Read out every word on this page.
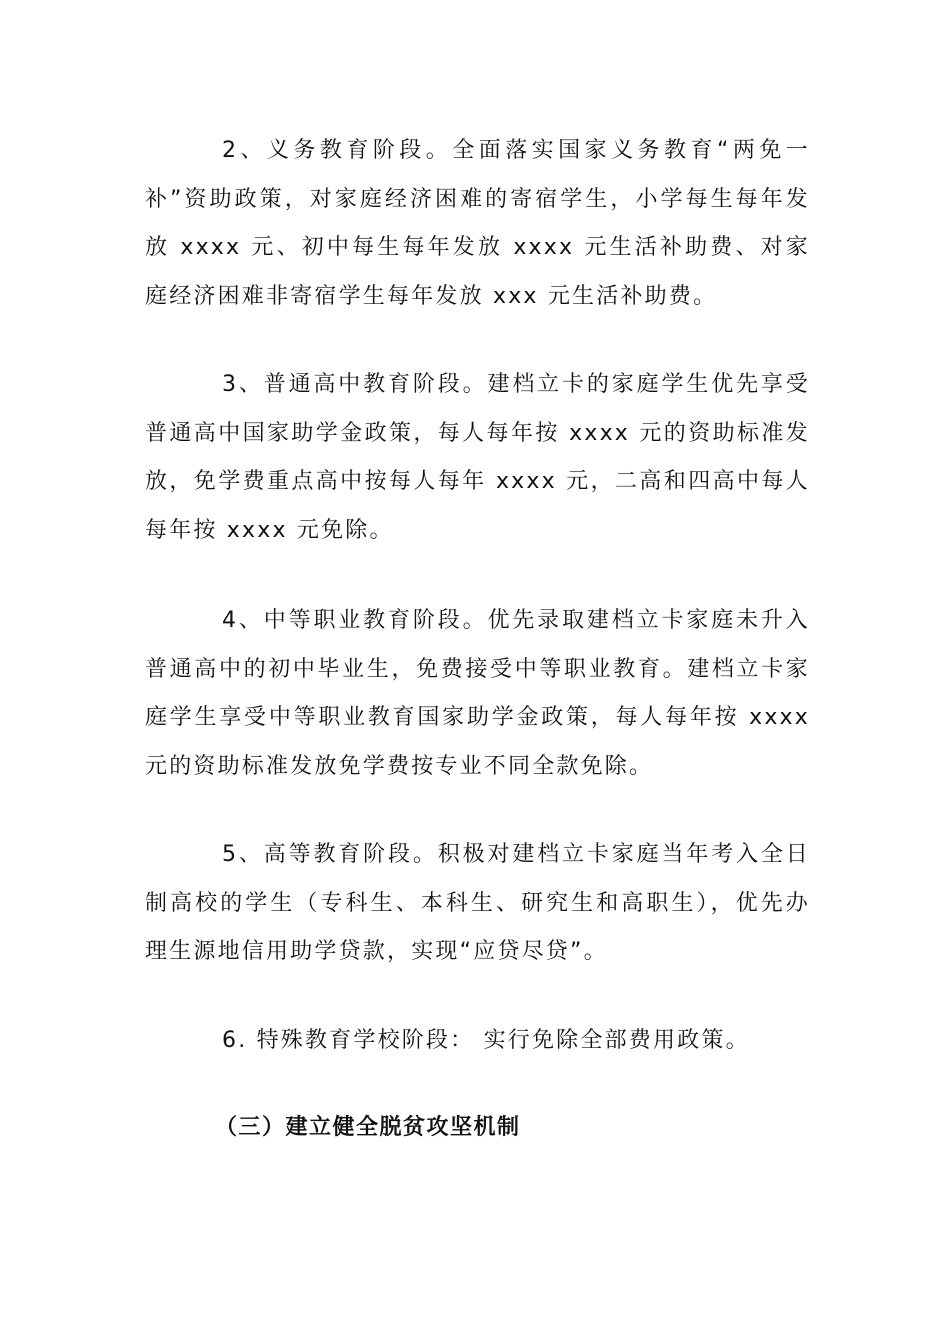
2、义务教育阶段。全面落实国家义务教育“两免一补”资助政策，对家庭经济困难的寄宿学生，小学每生每年发放 xxxx 元、初中每生每年发放 xxxx 元生活补助费、对家庭经济困难非寄宿学生每年发放 xxx 元生活补助费。

3、普通高中教育阶段。建档立卡的家庭学生优先享受普通高中国家助学金政策，每人每年按 xxxx 元的资助标准发放，免学费重点高中按每人每年 xxxx 元，二高和四高中每人每年按 xxxx 元免除。

4、中等职业教育阶段。优先录取建档立卡家庭未升入普通高中的初中毕业生，免费接受中等职业教育。建档立卡家庭学生享受中等职业教育国家助学金政策，每人每年按 xxxx 元的资助标准发放免学费按专业不同全款免除。

5、高等教育阶段。积极对建档立卡家庭当年考入全日制高校的学生（专科生、本科生、研究生和高职生），优先办理生源地信用助学贷款，实现“应贷尽贷”。

6. 特殊教育学校阶段： 实行免除全部费用政策。

（三）建立健全脱贫攻坚机制
